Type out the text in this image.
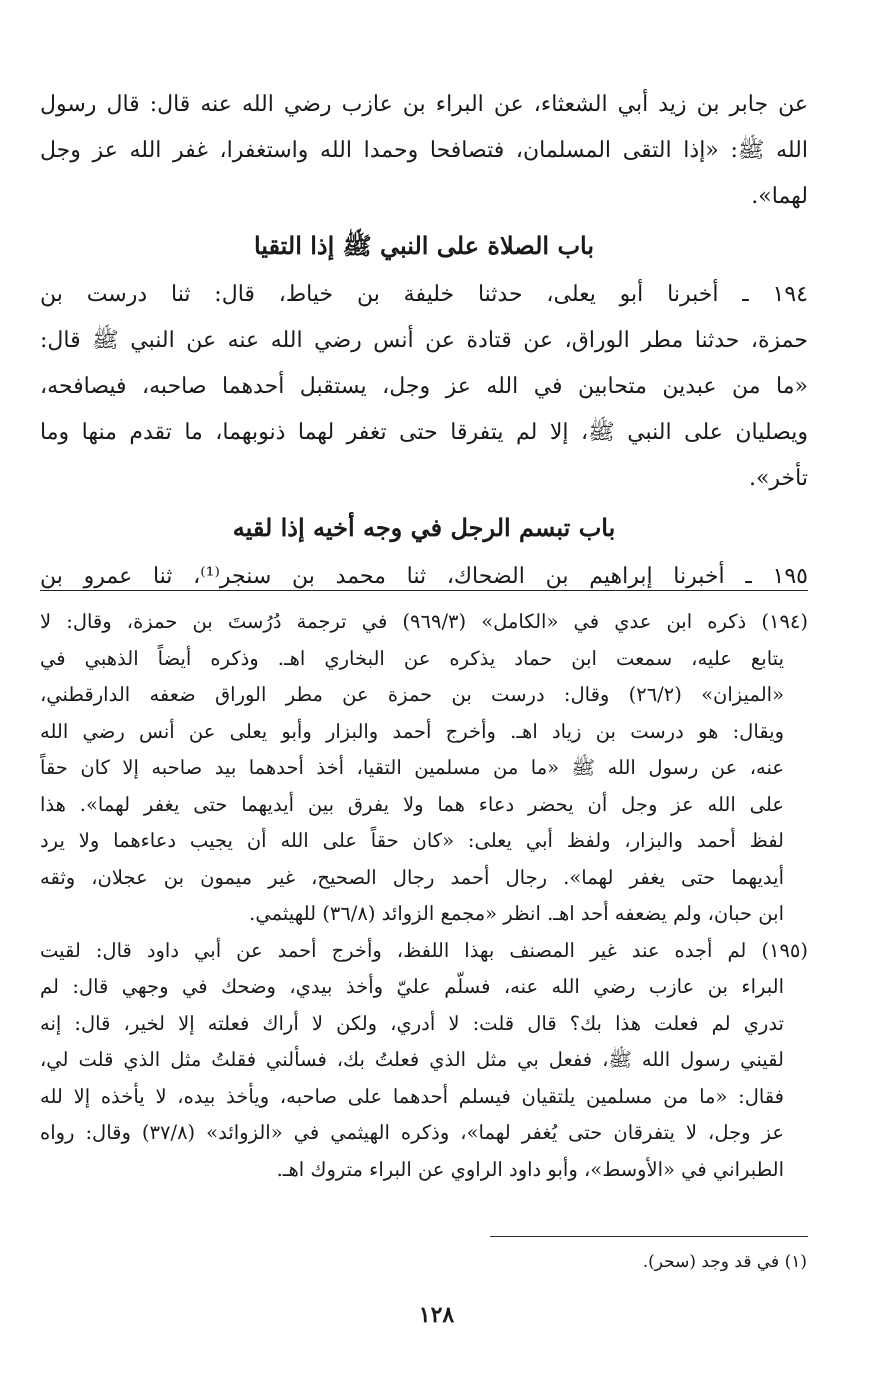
عن جابر بن زيد أبي الشعثاء، عن البراء بن عازب رضي الله عنه قال: قال رسول
الله ﷺ: «إذا التقى المسلمان، فتصافحا وحمدا الله واستغفرا، غفر الله عز وجل
لهما».
باب الصلاة على النبي ﷺ إذا التقيا
١٩٤ ـ أخبرنا أبو يعلى، حدثنا خليفة بن خياط، قال: ثنا درست بن
حمزة، حدثنا مطر الوراق، عن قتادة عن أنس رضي الله عنه عن النبي ﷺ قال:
«ما من عبدين متحابين في الله عز وجل، يستقبل أحدهما صاحبه، فيصافحه،
ويصليان على النبي ﷺ، إلا لم يتفرقا حتى تغفر لهما ذنوبهما، ما تقدم منها وما
تأخر».
باب تبسم الرجل في وجه أخيه إذا لقيه
١٩٥ ـ أخبرنا إبراهيم بن الضحاك، ثنا محمد بن سنجر⁽¹⁾، ثنا عمرو بن
(١٩٤) ذكره ابن عدي في «الكامل» (٩٦٩/٣) في ترجمة دُرُستَ بن حمزة، وقال: لا
يتابع عليه، سمعت ابن حماد يذكره عن البخاري اهـ. وذكره أيضاً الذهبي في
«الميزان» (٢٦/٢) وقال: درست بن حمزة عن مطر الوراق ضعفه الدارقطني،
ويقال: هو درست بن زياد اهـ. وأخرج أحمد والبزار وأبو يعلى عن أنس رضي الله
عنه، عن رسول الله ﷺ «ما من مسلمين التقيا، أخذ أحدهما بيد صاحبه إلا كان حقاً
على الله عز وجل أن يحضر دعاء هما ولا يفرق بين أيديهما حتى يغفر لهما». هذا
لفظ أحمد والبزار، ولفظ أبي يعلى: «كان حقاً على الله أن يجيب دعاءهما ولا يرد
أيديهما حتى يغفر لهما». رجال أحمد رجال الصحيح، غير ميمون بن عجلان، وثقه
ابن حبان، ولم يضعفه أحد اهـ. انظر «مجمع الزوائد (٣٦/٨) للهيثمي.
(١٩٥) لم أجده عند غير المصنف بهذا اللفظ، وأخرج أحمد عن أبي داود قال: لقيت
البراء بن عازب رضي الله عنه، فسلّم عليّ وأخذ بيدي، وضحك في وجهي قال: لم
تدري لم فعلت هذا بك؟ قال قلت: لا أدري، ولكن لا أراك فعلته إلا لخير، قال: إنه
لقيني رسول الله ﷺ، ففعل بي مثل الذي فعلتُ بك، فسألني فقلتُ مثل الذي قلت لي،
فقال: «ما من مسلمين يلتقيان فيسلم أحدهما على صاحبه، ويأخذ بيده، لا يأخذه إلا لله
عز وجل، لا يتفرقان حتى يُغفر لهما»، وذكره الهيثمي في «الزوائد» (٣٧/٨) وقال: رواه
الطبراني في «الأوسط»، وأبو داود الراوي عن البراء متروك اهـ.
(١) في قد وجد (سحر).
١٢٨
